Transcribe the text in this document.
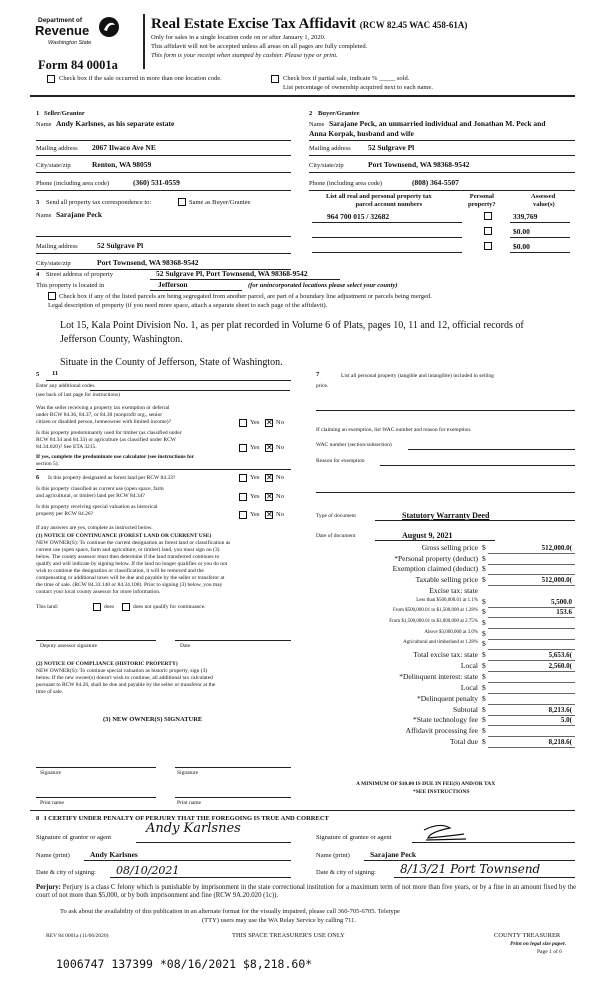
Department of
Revenue
Washington State
Form 84 0001a
Real Estate Excise Tax Affidavit (RCW 82.45 WAC 458-61A)
Only for sales in a single location code on or after January 1, 2020.
This affidavit will not be accepted unless all areas on all pages are fully completed.
This form is your receipt when stamped by cashier. Please type or print.
Check box if the sale occurred in more than one location code.	Check box if partial sale, indicate % _____ sold.
List percentage of ownership acquired next to each name.
1 Seller/Grantor
Name Andy Karlsnes, as his separate estate
Mailing address 2067 Ilwaco Ave NE
City/state/zip	Renton, WA 98059
Phone (including area code)	(360) 531-0559
2 Buyer/Grantee
Name Sarajane Peck, an unmarried individual and Jonathan M. Peck and
Anna Korpak, husband and wife
Mailing address 52 Sulgrave Pl
City/state/zip	Port Townsend, WA 98368-9542
Phone (including area code)	(808) 364-5507
3 Send all property tax correspondence to:	Same as Buyer/Grantee
Name Sarajane Peck
Mailing address	52 Sulgrave Pl
City/state/zip	Port Townsend, WA 98368-9542
List all real and personal property tax
parcel account numbers
Personal
property?
Assessed
value(s)
964 700 015 / 32682	339,769
$0.00
$0.00
4 Street address of property	52 Sulgrave Pl, Port Townsend, WA 98368-9542
This property is located in	Jefferson	(for unincorporated locations please select your county)
Check box if any of the listed parcels are being segregated from another parcel, are part of a boundary line adjustment or parcels being merged.
Legal description of property (if you need more space, attach a separate sheet to each page of the affidavit).
Lot 15, Kala Point Division No. 1, as per plat recorded in Volume 6 of Plats, pages 10, 11 and 12, official records of
Jefferson County, Washington.
Situate in the County of Jefferson, State of Washington.
5 11
Enter any additional codes
(see back of last page for instructions)
Was the seller receiving a property tax exemption or deferral
under RCW 84.36, 84.37, or 84.38 (nonprofit org., senior
citizen or disabled person, homeowner with limited income)?	Yes ✕ No
Is this property predominantly used for timber (as classified under
RCW 84.34 and 84.33) or agriculture (as classified under RCW
84.34.020)? See ETA 3215.	Yes ✕ No
If yes, complete the predominate use calculator (see instructions for
section 5).
6 Is this property designated as forest land per RCW 84.33?	Yes ✕ No
Is this property classified as current use (open space, farm
and agricultural, or timber) land per RCW 84.34?	Yes ✕ No
Is this property receiving special valuation as historical
property per RCW 84.26?	Yes ✕ No
If any answers are yes, complete as instructed below.
(1) NOTICE OF CONTINUANCE (FOREST LAND OR CURRENT USE)
NEW OWNER(S): To continue the current designation as forest land or classification as
current use (open space, farm and agriculture, or timber) land, you must sign on (3)
below. The county assessor must then determine if the land transferred continues to
qualify and will indicate by signing below. If the land no longer qualifies or you do not
wish to continue the designation or classification, it will be removed and the
compensating or additional taxes will be due and payable by the seller or transferor at
the time of sale. (RCW 84.33.140 or 84.34.108). Prior to signing (3) below, you may
contact your local county assessor for more information.
This land:	does	does not qualify for continuance.
Deputy assessor signature	Date
(2) NOTICE OF COMPLIANCE (HISTORIC PROPERTY)
NEW OWNER(S): To continue special valuation as historic property, sign (3)
below. If the new owner(s) doesn't wish to continue, all additional tax calculated
pursuant to RCW 84.26, shall be due and payable by the seller or transferor at the
time of sale.
(3) NEW OWNER(S) SIGNATURE
Signature	Signature
Print name	Print name
7	List all personal property (tangible and intangible) included in selling
price.
If claiming an exemption, list WAC number and reason for exemption.
WAC number (section/subsection)
Reason for exemption
Type of document	Statutory Warranty Deed
Date of document	August 9, 2021
Gross selling price $	512,000.0(
*Personal property (deduct) $
Exemption claimed (deduct) $
Taxable selling price $	512,000.0(
Excise tax: state
Less than $500,000.01 at 1.1% $	5,500.0
From $500,000.01 to $1,500,000 at 1.28% $	153.6
From $1,500,000.01 to $3,000,000 at 2.75% $
Above $3,000,000 at 3.0% $
Agricultural and timberland at 1.28% $
Total excise tax: state $	5,653.6(
Local $	2,560.0(
*Delinquent interest: state $
Local $
*Delinquent penalty $
Subtotal $	8,213.6(
*State technology fee $	5.0(
Affidavit processing fee $
Total due $	8,218.6(
A MINIMUM OF $10.00 IS DUE IN FEE(S) AND/OR TAX
*SEE INSTRUCTIONS
8 I CERTIFY UNDER PENALTY OF PERJURY THAT THE FOREGOING IS TRUE AND CORRECT
Signature of grantor or agent
Andy Karlsnes
Signature of grantee or agent
Name (print)	Andy Karlsnes	Name (print)	Sarajane Peck
Date & city of signing: 08/10/2021	Date & city of signing: 8/13/21 Port Townsend
Perjury: Perjury is a class C felony which is punishable by imprisonment in the state correctional institution for a maximum term of not more than five years, or by a fine in an amount fixed by the court of not more than $5,000, or by both imprisonment and fine (RCW 9A.20.020 (1c)).
To ask about the availability of this publication in an alternate format for the visually impaired, please call 360-705-6705. Teletype
(TTY) users may use the WA Relay Service by calling 711.
REV 84 0001a (11/06/2020)	THIS SPACE TREASURER'S USE ONLY	COUNTY TREASURER
Print on legal size paper.
Page 1 of 6
1006747 137399 *08/16/2021 $8,218.60*
